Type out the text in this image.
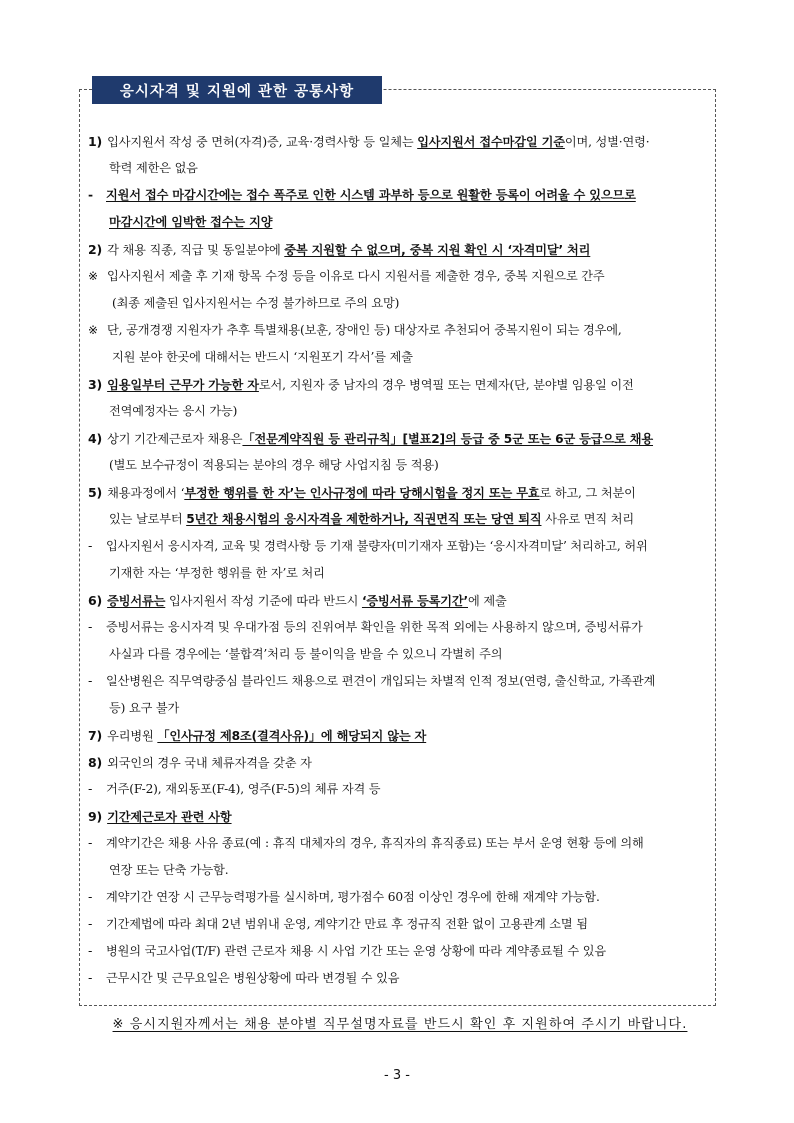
응시자격 및 지원에 관한 공통사항
1) 입사지원서 작성 중 면허(자격)증, 교육·경력사항 등 일체는 입사지원서 접수마감일 기준이며, 성별·연령·
학력 제한은 없음
- 지원서 접수 마감시간에는 접수 폭주로 인한 시스템 과부하 등으로 원활한 등록이 어려울 수 있으므로
마감시간에 임박한 접수는 지양
2) 각 채용 직종, 직급 및 동일분야에 중복 지원할 수 없으며, 중복 지원 확인 시 ‘자격미달’ 처리
※ 입사지원서 제출 후 기재 항목 수정 등을 이유로 다시 지원서를 제출한 경우, 중복 지원으로 간주
(최종 제출된 입사지원서는 수정 불가하므로 주의 요망)
※ 단, 공개경쟁 지원자가 추후 특별채용(보훈, 장애인 등) 대상자로 추천되어 중복지원이 되는 경우에,
지원 분야 한곳에 대해서는 반드시 ‘지원포기 각서’를 제출
3) 임용일부터 근무가 가능한 자로서, 지원자 중 남자의 경우 병역필 또는 면제자(단, 분야별 임용일 이전
전역예정자는 응시 가능)
4) 상기 기간제근로자 채용은「전문계약직원 등 관리규칙」[별표2]의 등급 중 5군 또는 6군 등급으로 채용
(별도 보수규정이 적용되는 분야의 경우 해당 사업지침 등 적용)
5) 채용과정에서 ‘부정한 행위를 한 자’는 인사규정에 따라 당해시험을 정지 또는 무효로 하고, 그 처분이
있는 날로부터 5년간 채용시험의 응시자격을 제한하거나, 직권면직 또는 당연 퇴직 사유로 면직 처리
- 입사지원서 응시자격, 교육 및 경력사항 등 기재 불량자(미기재자 포함)는 ‘응시자격미달’ 처리하고, 허위
기재한 자는 ‘부정한 행위를 한 자’로 처리
6) 증빙서류는 입사지원서 작성 기준에 따라 반드시 ‘증빙서류 등록기간’에 제출
- 증빙서류는 응시자격 및 우대가점 등의 진위여부 확인을 위한 목적 외에는 사용하지 않으며, 증빙서류가
사실과 다를 경우에는 ‘불합격’처리 등 불이익을 받을 수 있으니 각별히 주의
- 일산병원은 직무역량중심 블라인드 채용으로 편견이 개입되는 차별적 인적 정보(연령, 출신학교, 가족관계
등) 요구 불가
7) 우리병원 「인사규정 제8조(결격사유)」에 해당되지 않는 자
8) 외국인의 경우 국내 체류자격을 갖춘 자
- 거주(F-2), 재외동포(F-4), 영주(F-5)의 체류 자격 등
9) 기간제근로자 관련 사항
- 계약기간은 채용 사유 종료(예 : 휴직 대체자의 경우, 휴직자의 휴직종료) 또는 부서 운영 현황 등에 의해
연장 또는 단축 가능함.
- 계약기간 연장 시 근무능력평가를 실시하며, 평가점수 60점 이상인 경우에 한해 재계약 가능함.
- 기간제법에 따라 최대 2년 범위내 운영, 계약기간 만료 후 정규직 전환 없이 고용관계 소멸 됨
- 병원의 국고사업(T/F) 관련 근로자 채용 시 사업 기간 또는 운영 상황에 따라 계약종료될 수 있음
- 근무시간 및 근무요일은 병원상황에 따라 변경될 수 있음
※ 응시지원자께서는 채용 분야별 직무설명자료를 반드시 확인 후 지원하여 주시기 바랍니다.
- 3 -
